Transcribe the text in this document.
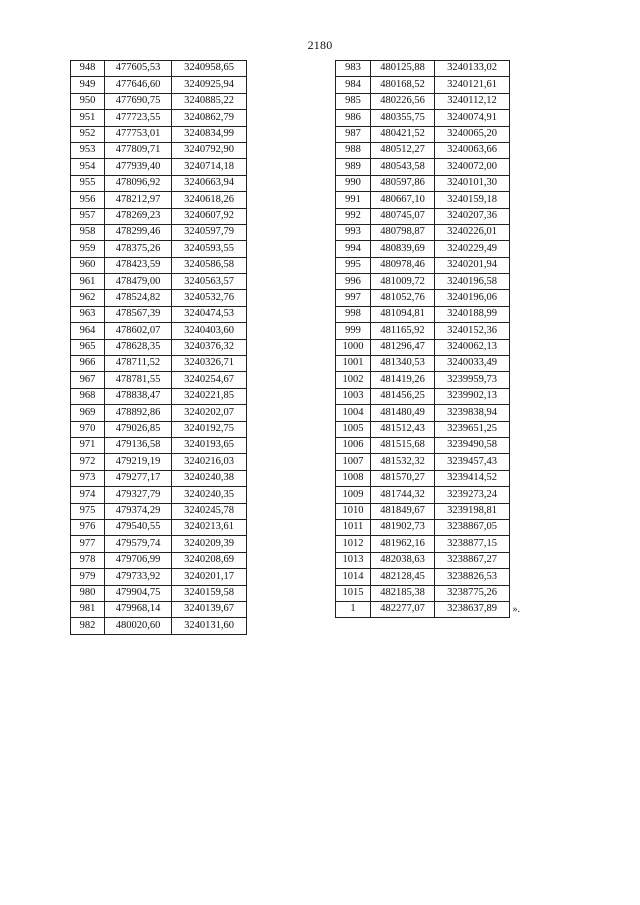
2180
948	477605,53	3240958,65
949	477646,60	3240925,94
950	477690,75	3240885,22
951	477723,55	3240862,79
952	477753,01	3240834,99
953	477809,71	3240792,90
954	477939,40	3240714,18
955	478096,92	3240663,94
956	478212,97	3240618,26
957	478269,23	3240607,92
958	478299,46	3240597,79
959	478375,26	3240593,55
960	478423,59	3240586,58
961	478479,00	3240563,57
962	478524,82	3240532,76
963	478567,39	3240474,53
964	478602,07	3240403,60
965	478628,35	3240376,32
966	478711,52	3240326,71
967	478781,55	3240254,67
968	478838,47	3240221,85
969	478892,86	3240202,07
970	479026,85	3240192,75
971	479136,58	3240193,65
972	479219,19	3240216,03
973	479277,17	3240240,38
974	479327,79	3240240,35
975	479374,29	3240245,78
976	479540,55	3240213,61
977	479579,74	3240209,39
978	479706,99	3240208,69
979	479733,92	3240201,17
980	479904,75	3240159,58
981	479968,14	3240139,67
982	480020,60	3240131,60
983	480125,88	3240133,02
984	480168,52	3240121,61
985	480226,56	3240112,12
986	480355,75	3240074,91
987	480421,52	3240065,20
988	480512,27	3240063,66
989	480543,58	3240072,00
990	480597,86	3240101,30
991	480667,10	3240159,18
992	480745,07	3240207,36
993	480798,87	3240226,01
994	480839,69	3240229,49
995	480978,46	3240201,94
996	481009,72	3240196,58
997	481052,76	3240196,06
998	481094,81	3240188,99
999	481165,92	3240152,36
1000	481296,47	3240062,13
1001	481340,53	3240033,49
1002	481419,26	3239959,73
1003	481456,25	3239902,13
1004	481480,49	3239838,94
1005	481512,43	3239651,25
1006	481515,68	3239490,58
1007	481532,32	3239457,43
1008	481570,27	3239414,52
1009	481744,32	3239273,24
1010	481849,67	3239198,81
1011	481902,73	3238867,05
1012	481962,16	3238877,15
1013	482038,63	3238867,27
1014	482128,45	3238826,53
1015	482185,38	3238775,26
1	482277,07	3238637,89 ».
